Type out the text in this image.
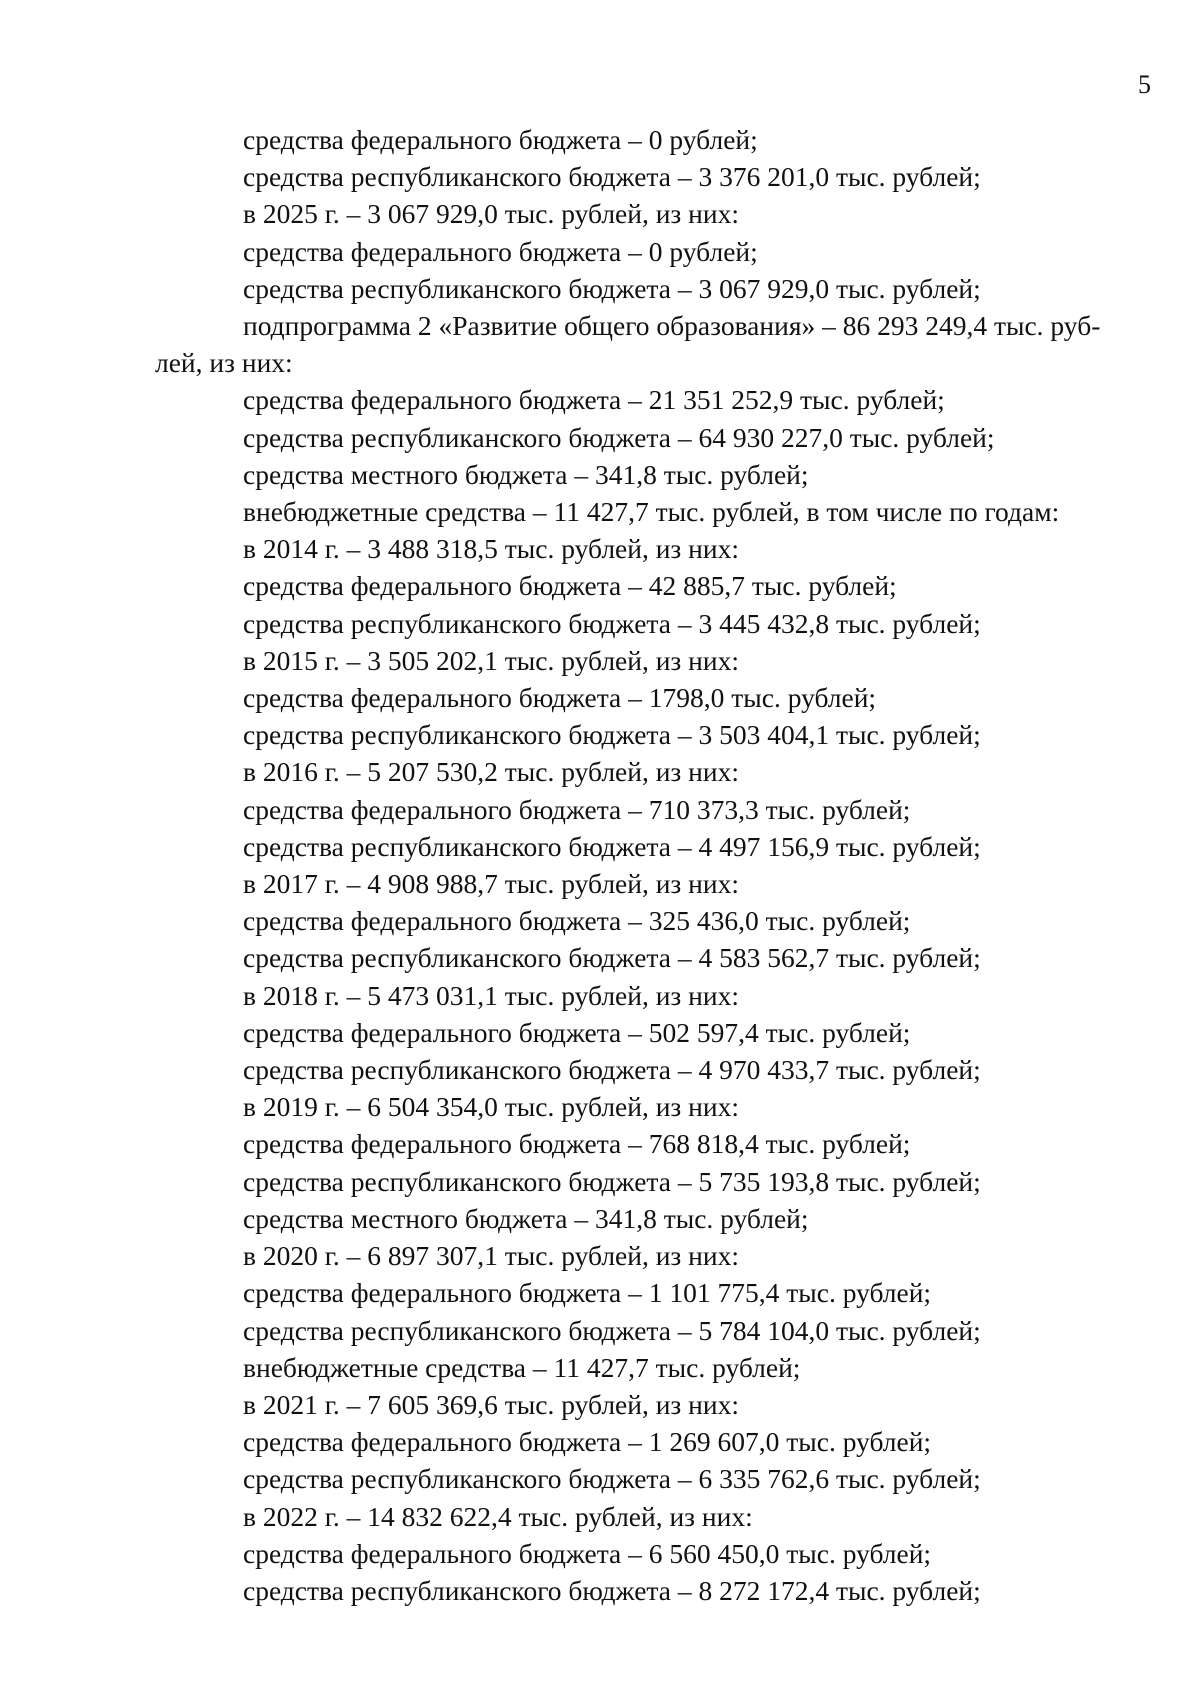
5
средства федерального бюджета – 0 рублей;
средства республиканского бюджета – 3 376 201,0 тыс. рублей;
в 2025 г. – 3 067 929,0 тыс. рублей, из них:
средства федерального бюджета – 0 рублей;
средства республиканского бюджета – 3 067 929,0 тыс. рублей;
подпрограмма 2 «Развитие общего образования» – 86 293 249,4 тыс. руб-
лей, из них:
средства федерального бюджета – 21 351 252,9 тыс. рублей;
средства республиканского бюджета – 64 930 227,0 тыс. рублей;
средства местного бюджета – 341,8 тыс. рублей;
внебюджетные средства – 11 427,7 тыс. рублей, в том числе по годам:
в 2014 г. – 3 488 318,5 тыс. рублей, из них:
средства федерального бюджета – 42 885,7 тыс. рублей;
средства республиканского бюджета – 3 445 432,8 тыс. рублей;
в 2015 г. – 3 505 202,1 тыс. рублей, из них:
средства федерального бюджета – 1798,0 тыс. рублей;
средства республиканского бюджета – 3 503 404,1 тыс. рублей;
в 2016 г. – 5 207 530,2 тыс. рублей, из них:
средства федерального бюджета – 710 373,3 тыс. рублей;
средства республиканского бюджета – 4 497 156,9 тыс. рублей;
в 2017 г. – 4 908 988,7 тыс. рублей, из них:
средства федерального бюджета – 325 436,0 тыс. рублей;
средства республиканского бюджета – 4 583 562,7 тыс. рублей;
в 2018 г. – 5 473 031,1 тыс. рублей, из них:
средства федерального бюджета – 502 597,4 тыс. рублей;
средства республиканского бюджета – 4 970 433,7 тыс. рублей;
в 2019 г. – 6 504 354,0 тыс. рублей, из них:
средства федерального бюджета – 768 818,4 тыс. рублей;
средства республиканского бюджета – 5 735 193,8 тыс. рублей;
средства местного бюджета – 341,8 тыс. рублей;
в 2020 г. – 6 897 307,1 тыс. рублей, из них:
средства федерального бюджета – 1 101 775,4 тыс. рублей;
средства республиканского бюджета – 5 784 104,0 тыс. рублей;
внебюджетные средства – 11 427,7 тыс. рублей;
в 2021 г. – 7 605 369,6 тыс. рублей, из них:
средства федерального бюджета – 1 269 607,0 тыс. рублей;
средства республиканского бюджета – 6 335 762,6 тыс. рублей;
в 2022 г. – 14 832 622,4 тыс. рублей, из них:
средства федерального бюджета – 6 560 450,0 тыс. рублей;
средства республиканского бюджета – 8 272 172,4 тыс. рублей;
